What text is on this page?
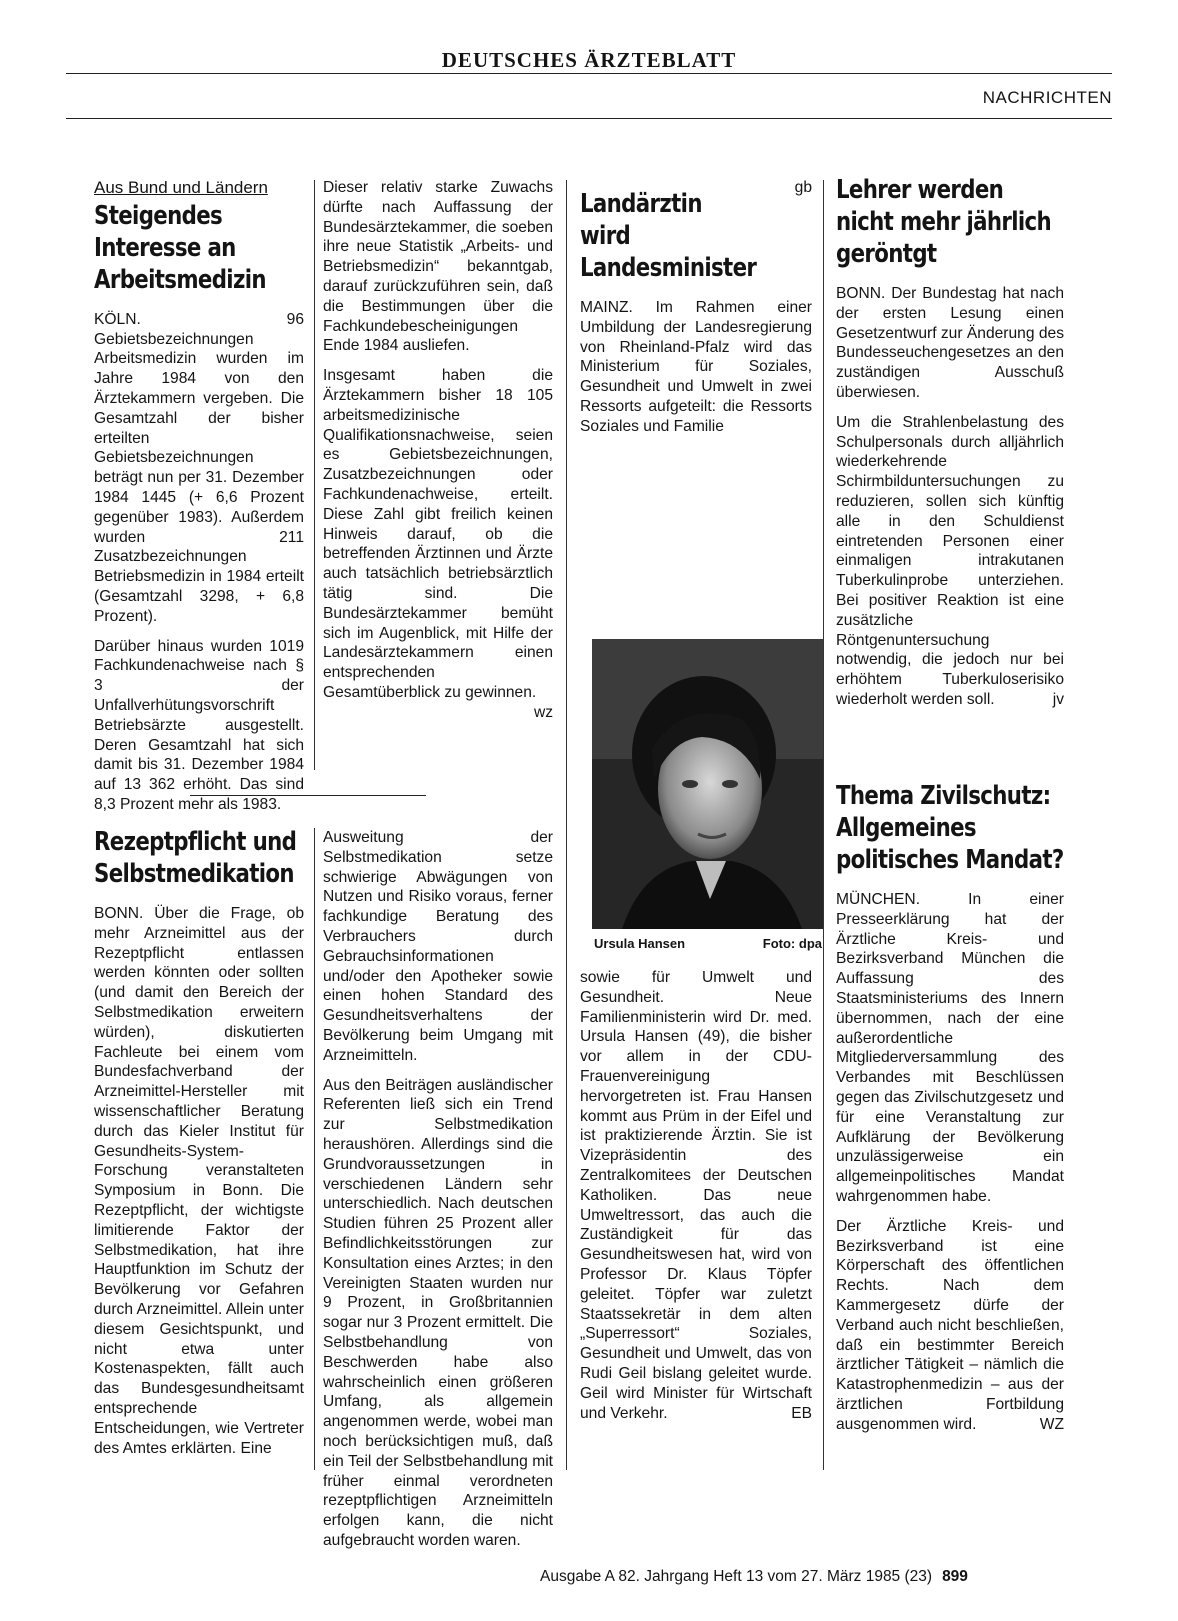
DEUTSCHES ÄRZTEBLATT
NACHRICHTEN
Aus Bund und Ländern
Steigendes Interesse an Arbeitsmedizin

KÖLN. 96 Gebietsbezeichnungen Arbeitsmedizin wurden im Jahre 1984 von den Ärztekammern vergeben. Die Gesamtzahl der bisher erteilten Gebietsbezeichnungen beträgt nun per 31. Dezember 1984 1445 (+ 6,6 Prozent gegenüber 1983). Außerdem wurden 211 Zusatzbezeichnungen Betriebsmedizin in 1984 erteilt (Gesamtzahl 3298, + 6,8 Prozent).

Darüber hinaus wurden 1019 Fachkundenachweise nach § 3 der Unfallverhütungsvorschrift Betriebsärzte ausgestellt. Deren Gesamtzahl hat sich damit bis 31. Dezember 1984 auf 13 362 erhöht. Das sind 8,3 Prozent mehr als 1983.

Dieser relativ starke Zuwachs dürfte nach Auffassung der Bundesärztekammer, die soeben ihre neue Statistik „Arbeits- und Betriebsmedizin“ bekanntgab, darauf zurückzuführen sein, daß die Bestimmungen über die Fachkundebescheinigungen Ende 1984 ausliefen.

Insgesamt haben die Ärztekammern bisher 18 105 arbeitsmedizinische Qualifikationsnachweise, seien es Gebietsbezeichnungen, Zusatzbezeichnungen oder Fachkundenachweise, erteilt. Diese Zahl gibt freilich keinen Hinweis darauf, ob die betreffenden Ärztinnen und Ärzte auch tatsächlich betriebsärztlich tätig sind. Die Bundesärztekammer bemüht sich im Augenblick, mit Hilfe der Landesärztekammern einen entsprechenden Gesamtüberblick zu gewinnen.
wz

Rezeptpflicht und Selbstmedikation

BONN. Über die Frage, ob mehr Arzneimittel aus der Rezeptpflicht entlassen werden könnten oder sollten (und damit den Bereich der Selbstmedikation erweitern würden), diskutierten Fachleute bei einem vom Bundesfachverband der Arzneimittel-Hersteller mit wissenschaftlicher Beratung durch das Kieler Institut für Gesundheits-System-Forschung veranstalteten Symposium in Bonn. Die Rezeptpflicht, der wichtigste limitierende Faktor der Selbstmedikation, hat ihre Hauptfunktion im Schutz der Bevölkerung vor Gefahren durch Arzneimittel. Allein unter diesem Gesichtspunkt, und nicht etwa unter Kostenaspekten, fällt auch das Bundesgesundheitsamt entsprechende Entscheidungen, wie Vertreter des Amtes erklärten. Eine

Ausweitung der Selbstmedikation setze schwierige Abwägungen von Nutzen und Risiko voraus, ferner fachkundige Beratung des Verbrauchers durch Gebrauchsinformationen und/oder den Apotheker sowie einen hohen Standard des Gesundheitsverhaltens der Bevölkerung beim Umgang mit Arzneimitteln.

Aus den Beiträgen ausländischer Referenten ließ sich ein Trend zur Selbstmedikation heraushören. Allerdings sind die Grundvoraussetzungen in verschiedenen Ländern sehr unterschiedlich. Nach deutschen Studien führen 25 Prozent aller Befindlichkeitsstörungen zur Konsultation eines Arztes; in den Vereinigten Staaten wurden nur 9 Prozent, in Großbritannien sogar nur 3 Prozent ermittelt. Die Selbstbehandlung von Beschwerden habe also wahrscheinlich einen größeren Umfang, als allgemein angenommen werde, wobei man noch berücksichtigen muß, daß ein Teil der Selbstbehandlung mit früher einmal verordneten rezeptpflichtigen Arzneimitteln erfolgen kann, die nicht aufgebraucht worden waren.

gb

Landärztin wird Landesminister

MAINZ. Im Rahmen einer Umbildung der Landesregierung von Rheinland-Pfalz wird das Ministerium für Soziales, Gesundheit und Umwelt in zwei Ressorts aufgeteilt: die Ressorts Soziales und Familie

Ursula Hansen	Foto: dpa

sowie für Umwelt und Gesundheit. Neue Familienministerin wird Dr. med. Ursula Hansen (49), die bisher vor allem in der CDU-Frauenvereinigung hervorgetreten ist. Frau Hansen kommt aus Prüm in der Eifel und ist praktizierende Ärztin. Sie ist Vizepräsidentin des Zentralkomitees der Deutschen Katholiken. Das neue Umweltressort, das auch die Zuständigkeit für das Gesundheitswesen hat, wird von Professor Dr. Klaus Töpfer geleitet. Töpfer war zuletzt Staatssekretär in dem alten „Superressort“ Soziales, Gesundheit und Umwelt, das von Rudi Geil bislang geleitet wurde. Geil wird Minister für Wirtschaft und Verkehr.	EB

Lehrer werden nicht mehr jährlich geröntgt

BONN. Der Bundestag hat nach der ersten Lesung einen Gesetzentwurf zur Änderung des Bundesseuchengesetzes an den zuständigen Ausschuß überwiesen.

Um die Strahlenbelastung des Schulpersonals durch alljährlich wiederkehrende Schirmbilduntersuchungen zu reduzieren, sollen sich künftig alle in den Schuldienst eintretenden Personen einer einmaligen intrakutanen Tuberkulinprobe unterziehen. Bei positiver Reaktion ist eine zusätzliche Röntgenuntersuchung notwendig, die jedoch nur bei erhöhtem Tuberkuloserisiko wiederholt werden soll.	jv

Thema Zivilschutz: Allgemeines politisches Mandat?

MÜNCHEN. In einer Presseerklärung hat der Ärztliche Kreis- und Bezirksverband München die Auffassung des Staatsministeriums des Innern übernommen, nach der eine außerordentliche Mitgliederversammlung des Verbandes mit Beschlüssen gegen das Zivilschutzgesetz und für eine Veranstaltung zur Aufklärung der Bevölkerung unzulässigerweise ein allgemeinpolitisches Mandat wahrgenommen habe.

Der Ärztliche Kreis- und Bezirksverband ist eine Körperschaft des öffentlichen Rechts. Nach dem Kammergesetz dürfe der Verband auch nicht beschließen, daß ein bestimmter Bereich ärztlicher Tätigkeit – nämlich die Katastrophenmedizin – aus der ärztlichen Fortbildung ausgenommen wird.	WZ

Ausgabe A 82. Jahrgang Heft 13 vom 27. März 1985 (23) 899
